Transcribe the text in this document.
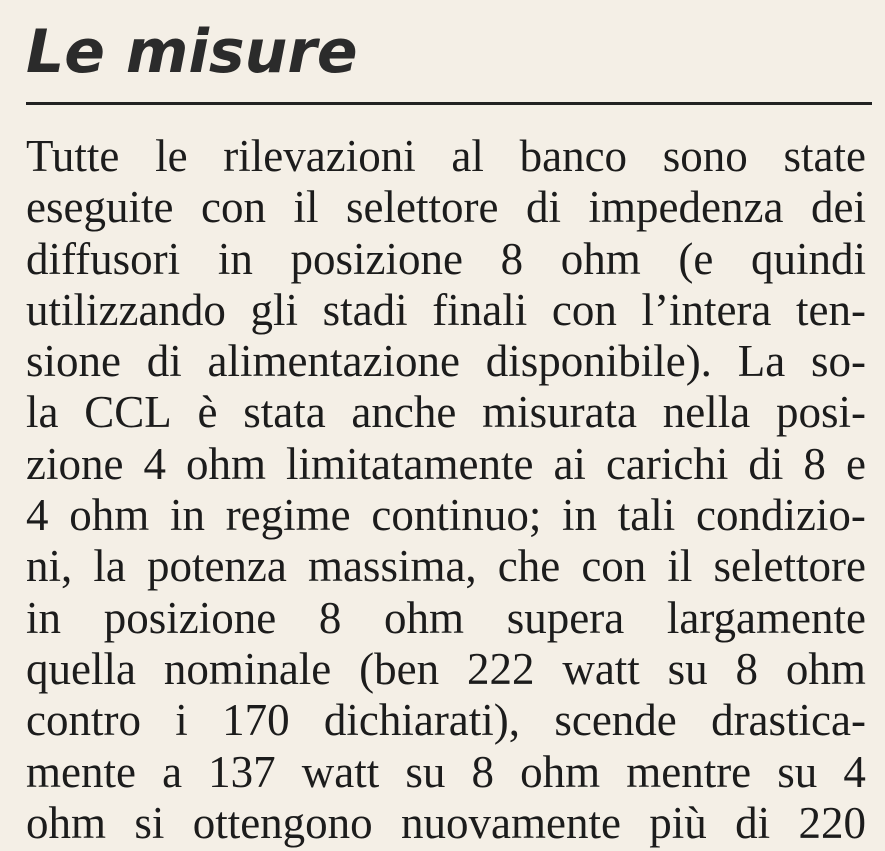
Le misure
Tutte le rilevazioni al banco sono state
eseguite con il selettore di impedenza dei
diffusori in posizione 8 ohm (e quindi
utilizzando gli stadi finali con l’intera ten-
sione di alimentazione disponibile). La so-
la CCL è stata anche misurata nella posi-
zione 4 ohm limitatamente ai carichi di 8 e
4 ohm in regime continuo; in tali condizio-
ni, la potenza massima, che con il selettore
in posizione 8 ohm supera largamente
quella nominale (ben 222 watt su 8 ohm
contro i 170 dichiarati), scende drastica-
mente a 137 watt su 8 ohm mentre su 4
ohm si ottengono nuovamente più di 220
